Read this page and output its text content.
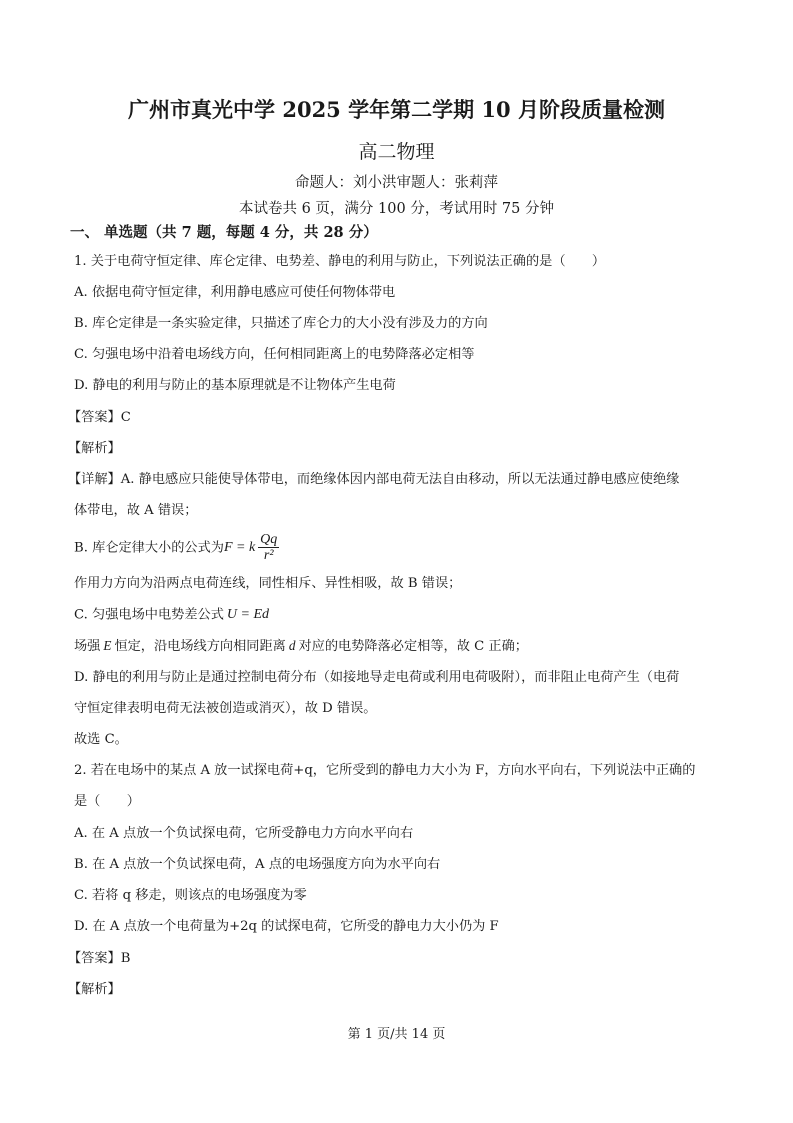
广州市真光中学 2025 学年第二学期 10 月阶段质量检测
高二物理
命题人：刘小洪审题人：张莉萍
本试卷共 6 页，满分 100 分，考试用时 75 分钟
一、 单选题（共 7 题，每题 4 分，共 28 分）
1. 关于电荷守恒定律、库仑定律、电势差、静电的利用与防止，下列说法正确的是（　　）
A. 依据电荷守恒定律，利用静电感应可使任何物体带电
B. 库仑定律是一条实验定律，只描述了库仑力的大小没有涉及力的方向
C. 匀强电场中沿着电场线方向，任何相同距离上的电势降落必定相等
D. 静电的利用与防止的基本原理就是不让物体产生电荷
【答案】C
【解析】
【详解】A. 静电感应只能使导体带电，而绝缘体因内部电荷无法自由移动，所以无法通过静电感应使绝缘
体带电，故 A 错误；
B. 库仑定律大小的公式为F = k $\frac{Qq}{\text{r²}}$
作用力方向为沿两点电荷连线，同性相斥、异性相吸，故 B 错误；
C. 匀强电场中电势差公式 U = Ed
场强 E 恒定，沿电场线方向相同距离 d 对应的电势降落必定相等，故 C 正确；
D. 静电的利用与防止是通过控制电荷分布（如接地导走电荷或利用电荷吸附），而非阻止电荷产生（电荷
守恒定律表明电荷无法被创造或消灭），故 D 错误。
故选 C。
2. 若在电场中的某点 A 放一试探电荷+q，它所受到的静电力大小为 F，方向水平向右，下列说法中正确的
是（　　）
A. 在 A 点放一个负试探电荷，它所受静电力方向水平向右
B. 在 A 点放一个负试探电荷，A 点的电场强度方向为水平向右
C. 若将 q 移走，则该点的电场强度为零
D. 在 A 点放一个电荷量为+2q 的试探电荷，它所受的静电力大小仍为 F
【答案】B
【解析】
第 1 页/共 14 页
